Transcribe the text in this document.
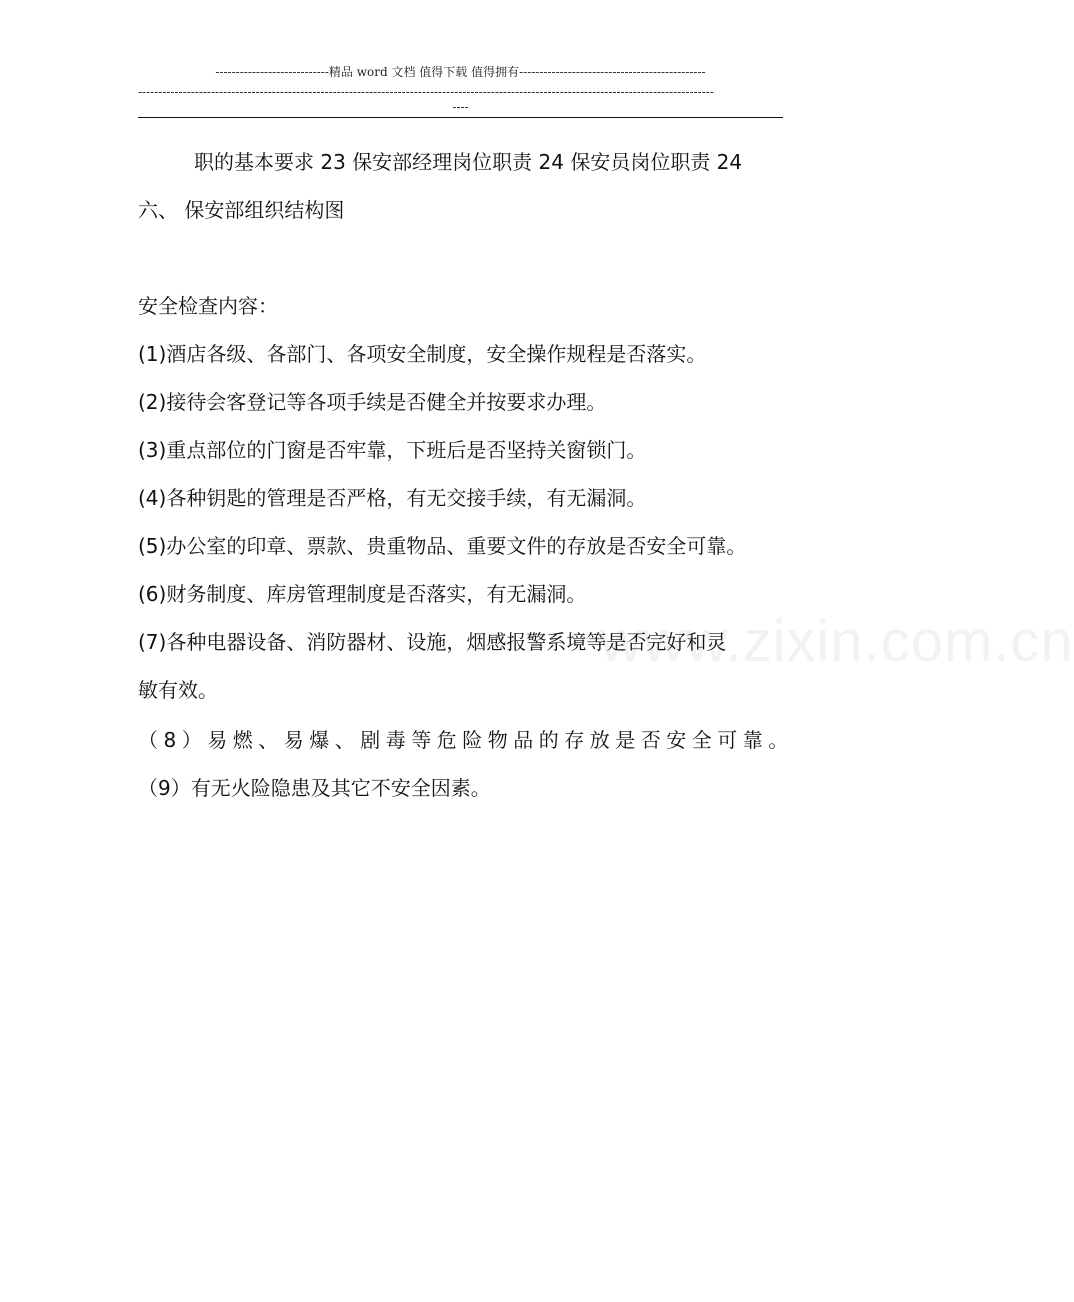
www.zixin.com.cn
----------------------------精品 word 文档 值得下载 值得拥有----------------------------------------------
----------------------------------------------------------------------------------------------------------------------------------------------
----
职的基本要求 23 保安部经理岗位职责 24 保安员岗位职责 24
六、 保安部组织结构图
安全检查内容：
(1)酒店各级、各部门、各项安全制度，安全操作规程是否落实。
(2)接待会客登记等各项手续是否健全并按要求办理。
(3)重点部位的门窗是否牢靠，下班后是否坚持关窗锁门。
(4)各种钥匙的管理是否严格，有无交接手续，有无漏洞。
(5)办公室的印章、票款、贵重物品、重要文件的存放是否安全可靠。
(6)财务制度、库房管理制度是否落实，有无漏洞。
(7)各种电器设备、消防器材、设施，烟感报警系境等是否完好和灵
敏有效。
（8）易燃、易爆、剧毒等危险物品的存放是否安全可靠。
（9）有无火险隐患及其它不安全因素。
